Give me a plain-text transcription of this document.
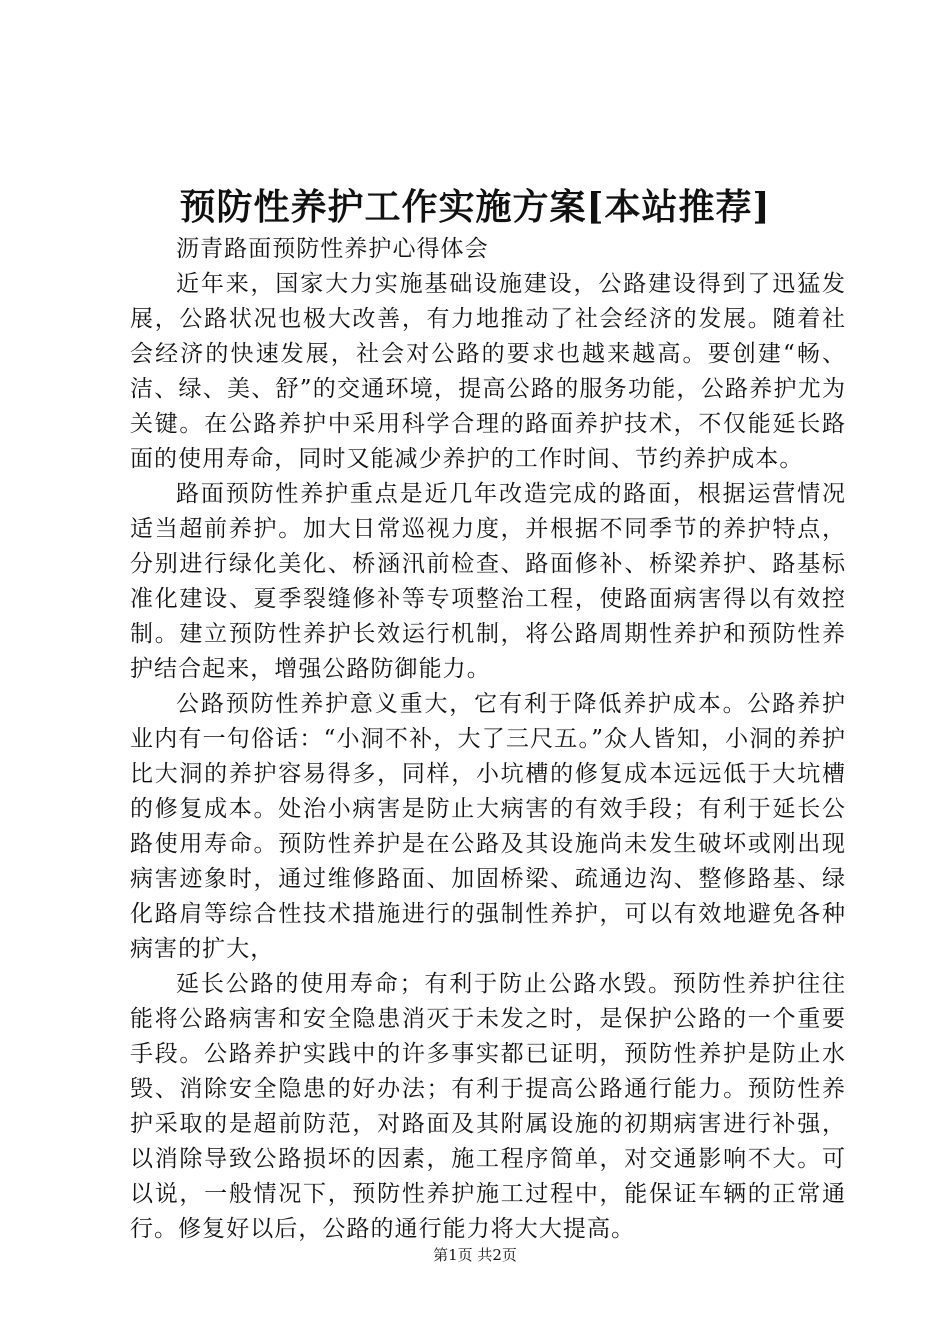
预防性养护工作实施方案[本站推荐]

沥青路面预防性养护心得体会

近年来，国家大力实施基础设施建设，公路建设得到了迅猛发展，公路状况也极大改善，有力地推动了社会经济的发展。随着社会经济的快速发展，社会对公路的要求也越来越高。要创建“畅、洁、绿、美、舒”的交通环境，提高公路的服务功能，公路养护尤为关键。在公路养护中采用科学合理的路面养护技术，不仅能延长路面的使用寿命，同时又能减少养护的工作时间、节约养护成本。

路面预防性养护重点是近几年改造完成的路面，根据运营情况适当超前养护。加大日常巡视力度，并根据不同季节的养护特点，分别进行绿化美化、桥涵汛前检查、路面修补、桥梁养护、路基标准化建设、夏季裂缝修补等专项整治工程，使路面病害得以有效控制。建立预防性养护长效运行机制，将公路周期性养护和预防性养护结合起来，增强公路防御能力。

公路预防性养护意义重大，它有利于降低养护成本。公路养护业内有一句俗话：“小洞不补，大了三尺五。”众人皆知，小洞的养护比大洞的养护容易得多，同样，小坑槽的修复成本远远低于大坑槽的修复成本。处治小病害是防止大病害的有效手段；有利于延长公路使用寿命。预防性养护是在公路及其设施尚未发生破坏或刚出现病害迹象时，通过维修路面、加固桥梁、疏通边沟、整修路基、绿化路肩等综合性技术措施进行的强制性养护，可以有效地避免各种病害的扩大，

延长公路的使用寿命；有利于防止公路水毁。预防性养护往往能将公路病害和安全隐患消灭于未发之时，是保护公路的一个重要手段。公路养护实践中的许多事实都已证明，预防性养护是防止水毁、消除安全隐患的好办法；有利于提高公路通行能力。预防性养护采取的是超前防范，对路面及其附属设施的初期病害进行补强，以消除导致公路损坏的因素，施工程序简单，对交通影响不大。可以说，一般情况下，预防性养护施工过程中，能保证车辆的正常通行。修复好以后，公路的通行能力将大大提高。

第1页 共2页
